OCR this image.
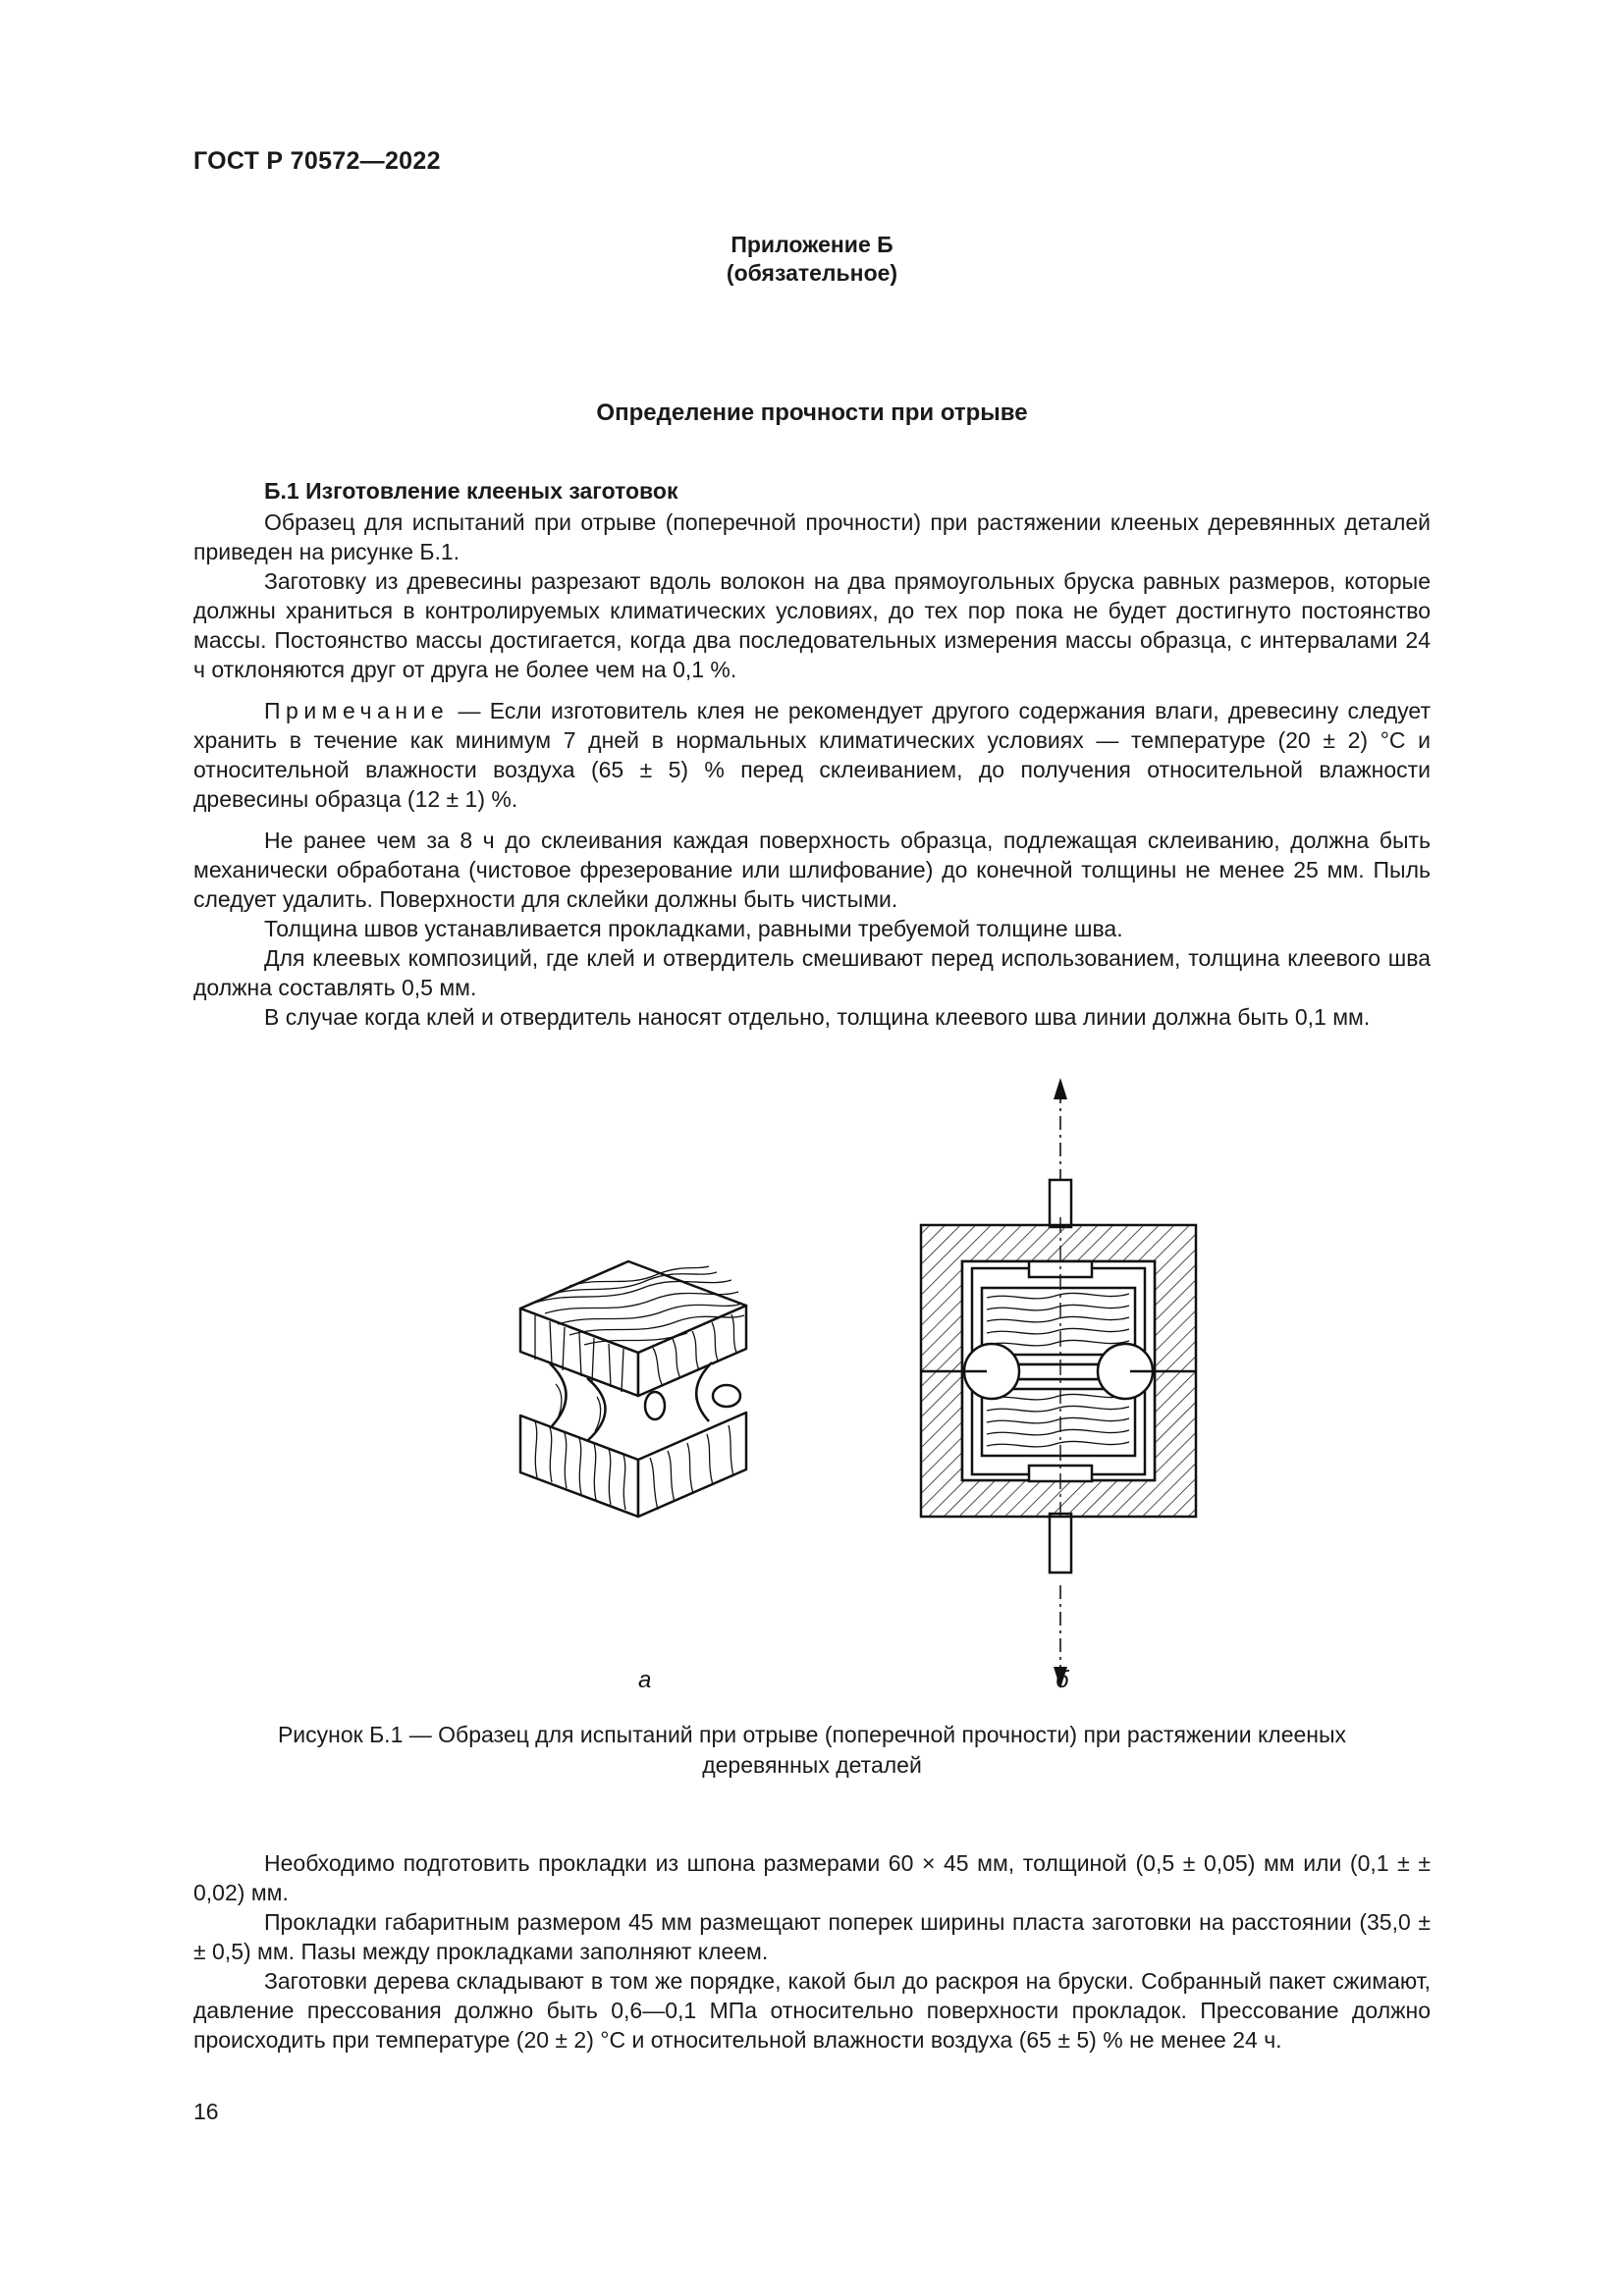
ГОСТ Р 70572—2022
Приложение Б
(обязательное)
Определение прочности при отрыве
Б.1 Изготовление клееных заготовок

Образец для испытаний при отрыве (поперечной прочности) при растяжении клееных деревянных деталей приведен на рисунке Б.1.

Заготовку из древесины разрезают вдоль волокон на два прямоугольных бруска равных размеров, которые должны храниться в контролируемых климатических условиях, до тех пор пока не будет достигнуто постоянство массы. Постоянство массы достигается, когда два последовательных измерения массы образца, с интервалами 24 ч отклоняются друг от друга не более чем на 0,1 %.

Примечание — Если изготовитель клея не рекомендует другого содержания влаги, древесину следует хранить в течение как минимум 7 дней в нормальных климатических условиях — температуре (20 ± 2) °С и относительной влажности воздуха (65 ± 5) % перед склеиванием, до получения относительной влажности древесины образца (12 ± 1) %.

Не ранее чем за 8 ч до склеивания каждая поверхность образца, подлежащая склеиванию, должна быть механически обработана (чистовое фрезерование или шлифование) до конечной толщины не менее 25 мм. Пыль следует удалить. Поверхности для склейки должны быть чистыми.

Толщина швов устанавливается прокладками, равными требуемой толщине шва.

Для клеевых композиций, где клей и отвердитель смешивают перед использованием, толщина клеевого шва должна составлять 0,5 мм.

В случае когда клей и отвердитель наносят отдельно, толщина клеевого шва линии должна быть 0,1 мм.

а	б
Рисунок Б.1 — Образец для испытаний при отрыве (поперечной прочности) при растяжении клееных деревянных деталей

Необходимо подготовить прокладки из шпона размерами 60 × 45 мм, толщиной (0,5 ± 0,05) мм или (0,1 ± ± 0,02) мм.

Прокладки габаритным размером 45 мм размещают поперек ширины пласта заготовки на расстоянии (35,0 ± ± 0,5) мм. Пазы между прокладками заполняют клеем.

Заготовки дерева складывают в том же порядке, какой был до раскроя на бруски. Собранный пакет сжимают, давление прессования должно быть 0,6—0,1 МПа относительно поверхности прокладок. Прессование должно происходить при температуре (20 ± 2) °С и относительной влажности воздуха (65 ± 5) % не менее 24 ч.

16
